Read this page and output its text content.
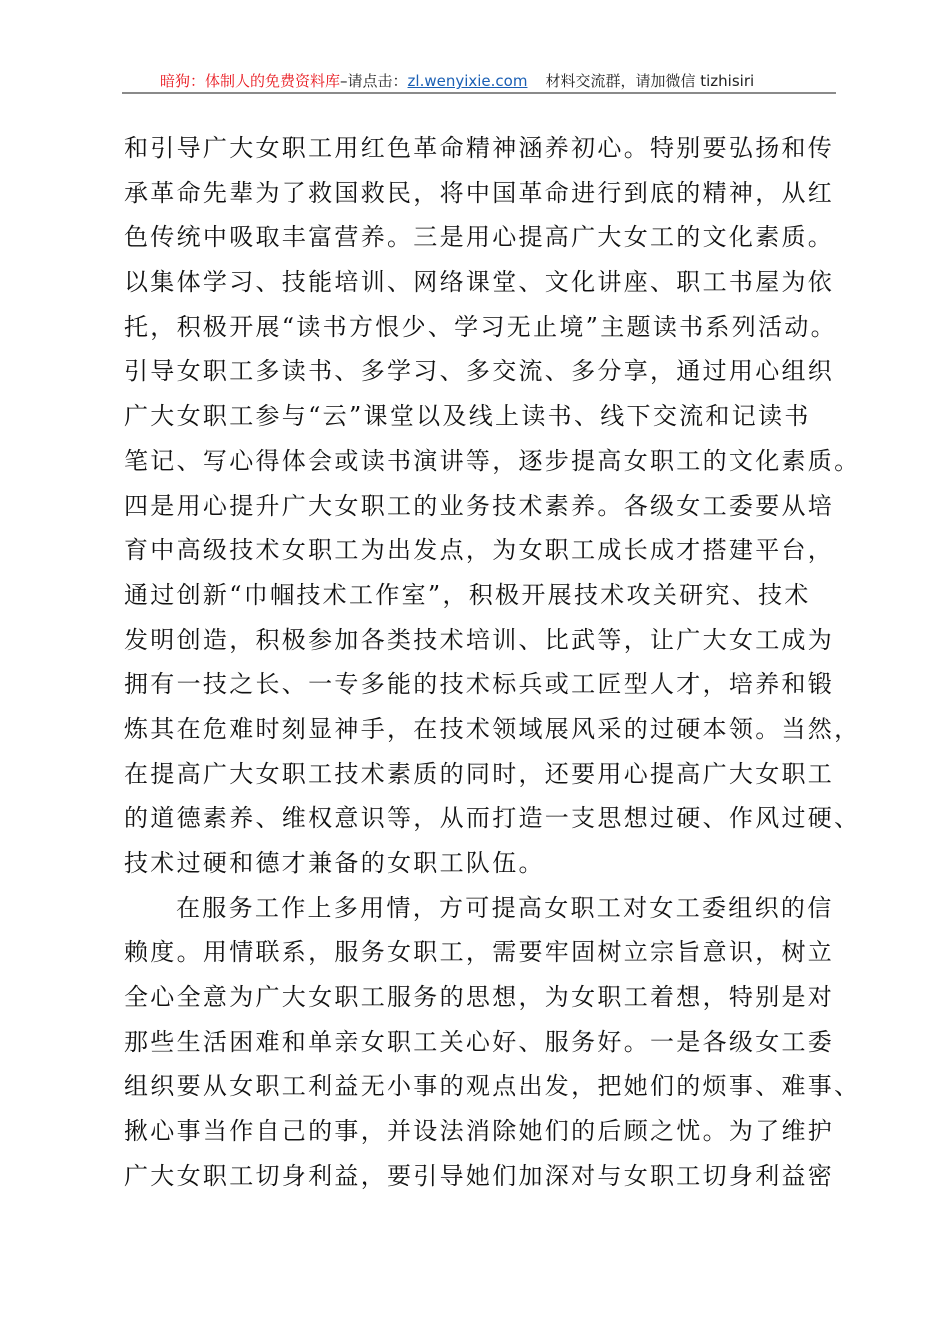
暗狗：体制人的免费资料库–请点击：zl.wenyixie.com 材料交流群，请加微信 tizhisiri
和引导广大女职工用红色革命精神涵养初心。特别要弘扬和传
承革命先辈为了救国救民，将中国革命进行到底的精神，从红
色传统中吸取丰富营养。三是用心提高广大女工的文化素质。
以集体学习、技能培训、网络课堂、文化讲座、职工书屋为依
托，积极开展“读书方恨少、学习无止境”主题读书系列活动。
引导女职工多读书、多学习、多交流、多分享，通过用心组织
广大女职工参与“云”课堂以及线上读书、线下交流和记读书
笔记、写心得体会或读书演讲等，逐步提高女职工的文化素质。
四是用心提升广大女职工的业务技术素养。各级女工委要从培
育中高级技术女职工为出发点，为女职工成长成才搭建平台，
通过创新“巾帼技术工作室”，积极开展技术攻关研究、技术
发明创造，积极参加各类技术培训、比武等，让广大女工成为
拥有一技之长、一专多能的技术标兵或工匠型人才，培养和锻
炼其在危难时刻显神手，在技术领域展风采的过硬本领。当然，
在提高广大女职工技术素质的同时，还要用心提高广大女职工
的道德素养、维权意识等，从而打造一支思想过硬、作风过硬、
技术过硬和德才兼备的女职工队伍。
在服务工作上多用情，方可提高女职工对女工委组织的信
赖度。用情联系，服务女职工，需要牢固树立宗旨意识，树立
全心全意为广大女职工服务的思想，为女职工着想，特别是对
那些生活困难和单亲女职工关心好、服务好。一是各级女工委
组织要从女职工利益无小事的观点出发，把她们的烦事、难事、
揪心事当作自己的事，并设法消除她们的后顾之忧。为了维护
广大女职工切身利益，要引导她们加深对与女职工切身利益密
